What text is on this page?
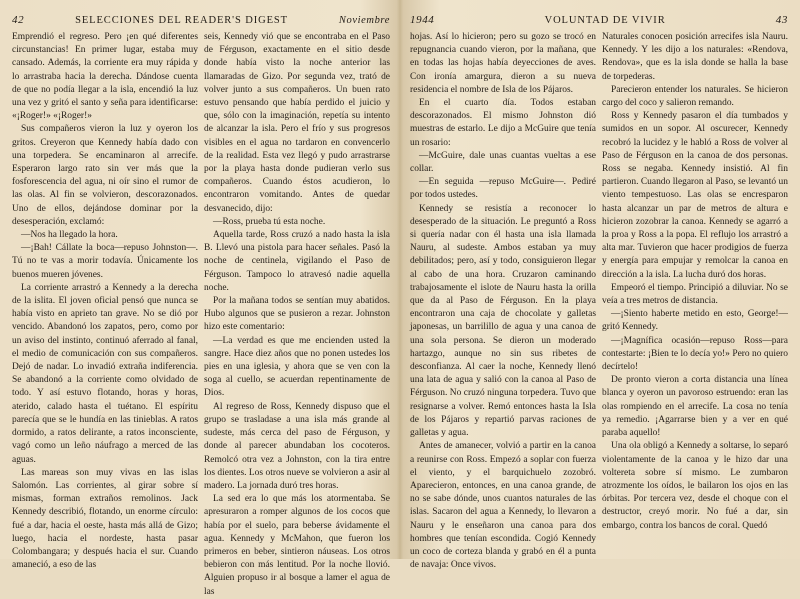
42	SELECCIONES DEL READER'S DIGEST	Noviembre

Emprendió el regreso. Pero ¡en qué diferentes circunstancias! En primer lugar, estaba muy cansado. Además, la corriente era muy rápida y lo arrastraba hacia la derecha. Dándose cuenta de que no podía llegar a la isla, encendió la luz una vez y gritó el santo y seña para identificarse: «¡Roger!» «¡Roger!»

Sus compañeros vieron la luz y oyeron los gritos. Creyeron que Kennedy había dado con una torpedera. Se encaminaron al arrecife. Esperaron largo rato sin ver más que la fosforescencia del agua, ni oír sino el rumor de las olas. Al fin se volvieron, descorazonados. Uno de ellos, dejándose dominar por la desesperación, exclamó:

—Nos ha llegado la hora.

—¡Bah! Cállate la boca—repuso Johnston—. Tú no te vas a morir todavía. Únicamente los buenos mueren jóvenes.

La corriente arrastró a Kennedy a la derecha de la islita. El joven oficial pensó que nunca se había visto en aprieto tan grave. No se dió por vencido. Abandonó los zapatos, pero, como por un aviso del instinto, continuó aferrado al fanal, el medio de comunicación con sus compañeros. Dejó de nadar. Lo invadió extraña indiferencia. Se abandonó a la corriente como olvidado de todo. Y así estuvo flotando, horas y horas, aterido, calado hasta el tuétano. El espíritu parecía que se le hundía en las tinieblas. A ratos dormido, a ratos delirante, a ratos inconsciente, vagó como un leño náufrago a merced de las aguas.

Las mareas son muy vivas en las islas Salomón. Las corrientes, al girar sobre sí mismas, forman extraños remolinos. Jack Kennedy describió, flotando, un enorme círculo: fué a dar, hacia el oeste, hasta más allá de Gizo; luego, hacia el nordeste, hasta pasar Colombangara; y después hacia el sur. Cuando amaneció, a eso de las

seis, Kennedy vió que se encontraba en el Paso de Férguson, exactamente en el sitio desde donde había visto la noche anterior las llamaradas de Gizo. Por segunda vez, trató de volver junto a sus compañeros. Un buen rato estuvo pensando que había perdido el juicio y que, sólo con la imaginación, repetía su intento de alcanzar la isla. Pero el frío y sus progresos visibles en el agua no tardaron en convencerlo de la realidad. Esta vez llegó y pudo arrastrarse por la playa hasta donde pudieran verlo sus compañeros. Cuando éstos acudieron, lo encontraron vomitando. Antes de quedar desvanecido, dijo:

—Ross, prueba tú esta noche.

Aquella tarde, Ross cruzó a nado hasta la isla B. Llevó una pistola para hacer señales. Pasó la noche de centinela, vigilando el Paso de Férguson. Tampoco lo atravesó nadie aquella noche.

Por la mañana todos se sentían muy abatidos. Hubo algunos que se pusieron a rezar. Johnston hizo este comentario:

—La verdad es que me encienden usted la sangre. Hace diez años que no ponen ustedes los pies en una iglesia, y ahora que se ven con la soga al cuello, se acuerdan repentinamente de Dios.

Al regreso de Ross, Kennedy dispuso que el grupo se trasladase a una isla más grande al sudeste, más cerca del paso de Férguson, y donde al parecer abundaban los cocoteros. Remolcó otra vez a Johnston, con la tira entre los dientes. Los otros nueve se volvieron a asir al madero. La jornada duró tres horas.

La sed era lo que más los atormentaba. Se apresuraron a romper algunos de los cocos que había por el suelo, para beberse ávidamente el agua. Kennedy y McMahon, que fueron los primeros en beber, sintieron náuseas. Los otros bebieron con más lentitud. Por la noche llovió. Alguien propuso ir al bosque a lamer el agua de las

1944	VOLUNTAD DE VIVIR	43

hojas. Así lo hicieron; pero su gozo se trocó en repugnancia cuando vieron, por la mañana, que en todas las hojas había deyecciones de aves. Con ironía amargura, dieron a su nueva residencia el nombre de Isla de los Pájaros.

En el cuarto día. Todos estaban descorazonados. El mismo Johnston dió muestras de estarlo. Le dijo a McGuire que tenía un rosario:

—McGuire, dale unas cuantas vueltas a ese collar.

—En seguida —repuso McGuire—. Pediré por todos ustedes.

Kennedy se resistía a reconocer lo desesperado de la situación. Le preguntó a Ross si quería nadar con él hasta una isla llamada Nauru, al sudeste. Ambos estaban ya muy debilitados; pero, así y todo, consiguieron llegar al cabo de una hora. Cruzaron caminando trabajosamente el islote de Nauru hasta la orilla que da al Paso de Férguson. En la playa encontraron una caja de chocolate y galletas japonesas, un barrilillo de agua y una canoa de una sola persona. Se dieron un moderado hartazgo, aunque no sin sus ribetes de desconfianza. Al caer la noche, Kennedy llenó una lata de agua y salió con la canoa al Paso de Férguson. No cruzó ninguna torpedera. Tuvo que resignarse a volver. Remó entonces hasta la Isla de los Pájaros y repartió parvas raciones de galletas y agua.

Antes de amanecer, volvió a partir en la canoa a reunirse con Ross. Empezó a soplar con fuerza el viento, y el barquichuelo zozobró. Aparecieron, entonces, en una canoa grande, de no se sabe dónde, unos cuantos naturales de las islas. Sacaron del agua a Kennedy, lo llevaron a Nauru y le enseñaron una canoa para dos hombres que tenían escondida. Cogió Kennedy un coco de corteza blanda y grabó en él a punta de navaja: Once vivos.

Naturales conocen posición arrecifes isla Nauru. Kennedy. Y les dijo a los naturales: «Rendova, Rendova», que es la isla donde se halla la base de torpederas.

Parecieron entender los naturales. Se hicieron cargo del coco y salieron remando.

Ross y Kennedy pasaron el día tumbados y sumidos en un sopor. Al oscurecer, Kennedy recobró la lucidez y le habló a Ross de volver al Paso de Férguson en la canoa de dos personas. Ross se negaba. Kennedy insistió. Al fin partieron. Cuando llegaron al Paso, se levantó un viento tempestuoso. Las olas se encresparon hasta alcanzar un par de metros de altura e hicieron zozobrar la canoa. Kennedy se agarró a la proa y Ross a la popa. El reflujo los arrastró a alta mar. Tuvieron que hacer prodigios de fuerza y energía para empujar y remolcar la canoa en dirección a la isla. La lucha duró dos horas.

Empeoró el tiempo. Principió a diluviar. No se veía a tres metros de distancia.

—¡Siento haberte metido en esto, George!—gritó Kennedy.

—¡Magnífica ocasión—repuso Ross—para contestarte: ¡Bien te lo decía yo!» Pero no quiero decírtelo!

De pronto vieron a corta distancia una línea blanca y oyeron un pavoroso estruendo: eran las olas rompiendo en el arrecife. La cosa no tenía ya remedio. ¡Agarrarse bien y a ver en qué paraba aquello!

Una ola obligó a Kennedy a soltarse, lo separó violentamente de la canoa y le hizo dar una voltereta sobre sí mismo. Le zumbaron atrozmente los oídos, le bailaron los ojos en las órbitas. Por tercera vez, desde el choque con el destructor, creyó morir. No fué a dar, sin embargo, contra los bancos de coral. Quedó
